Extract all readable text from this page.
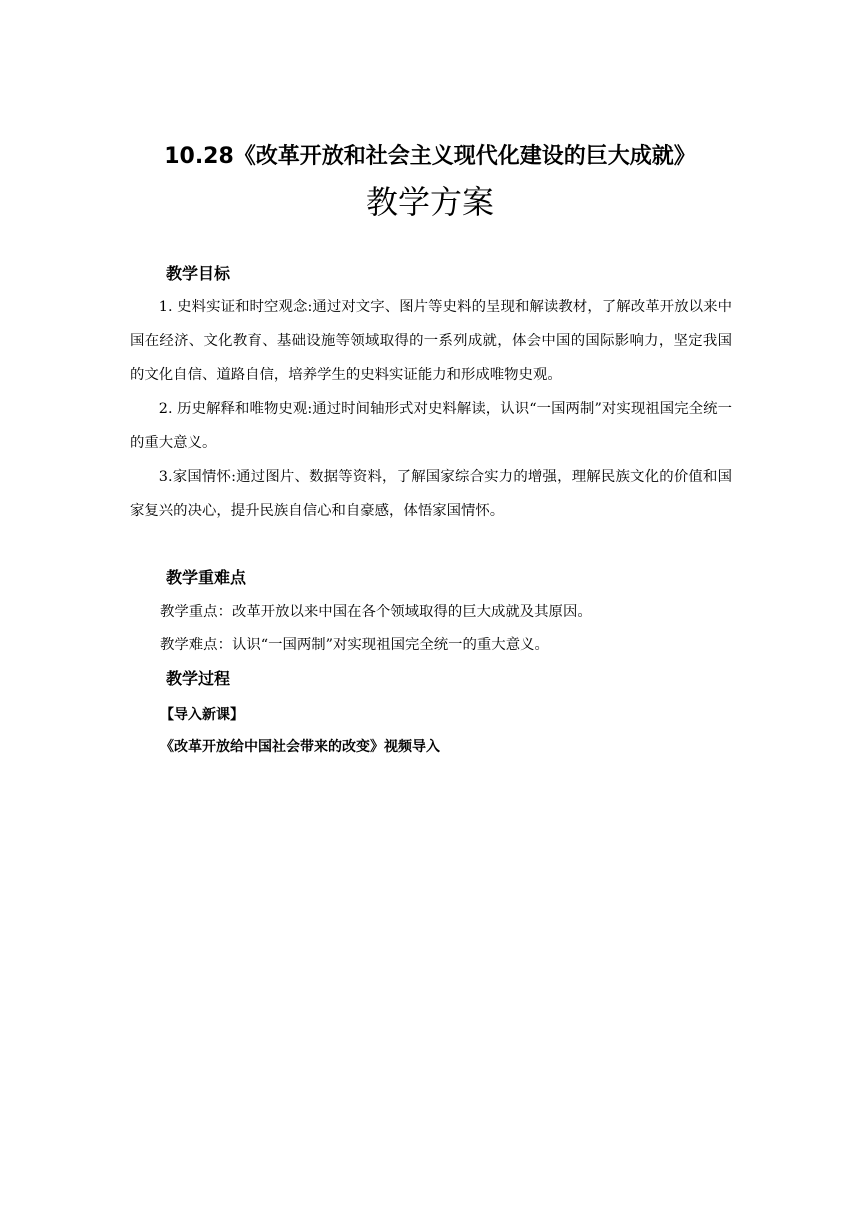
10.28《改革开放和社会主义现代化建设的巨大成就》
教学方案
教学目标

1. 史料实证和时空观念:通过对文字、图片等史料的呈现和解读教材，了解改革开放以来中国在经济、文化教育、基础设施等领域取得的一系列成就，体会中国的国际影响力，坚定我国的文化自信、道路自信，培养学生的史料实证能力和形成唯物史观。

2. 历史解释和唯物史观:通过时间轴形式对史料解读，认识“一国两制”对实现祖国完全统一的重大意义。

3.家国情怀:通过图片、数据等资料，了解国家综合实力的增强，理解民族文化的价值和国家复兴的决心，提升民族自信心和自豪感，体悟家国情怀。

教学重难点
教学重点：改革开放以来中国在各个领域取得的巨大成就及其原因。
教学难点：认识“一国两制”对实现祖国完全统一的重大意义。
教学过程
【导入新课】
《改革开放给中国社会带来的改变》视频导入
